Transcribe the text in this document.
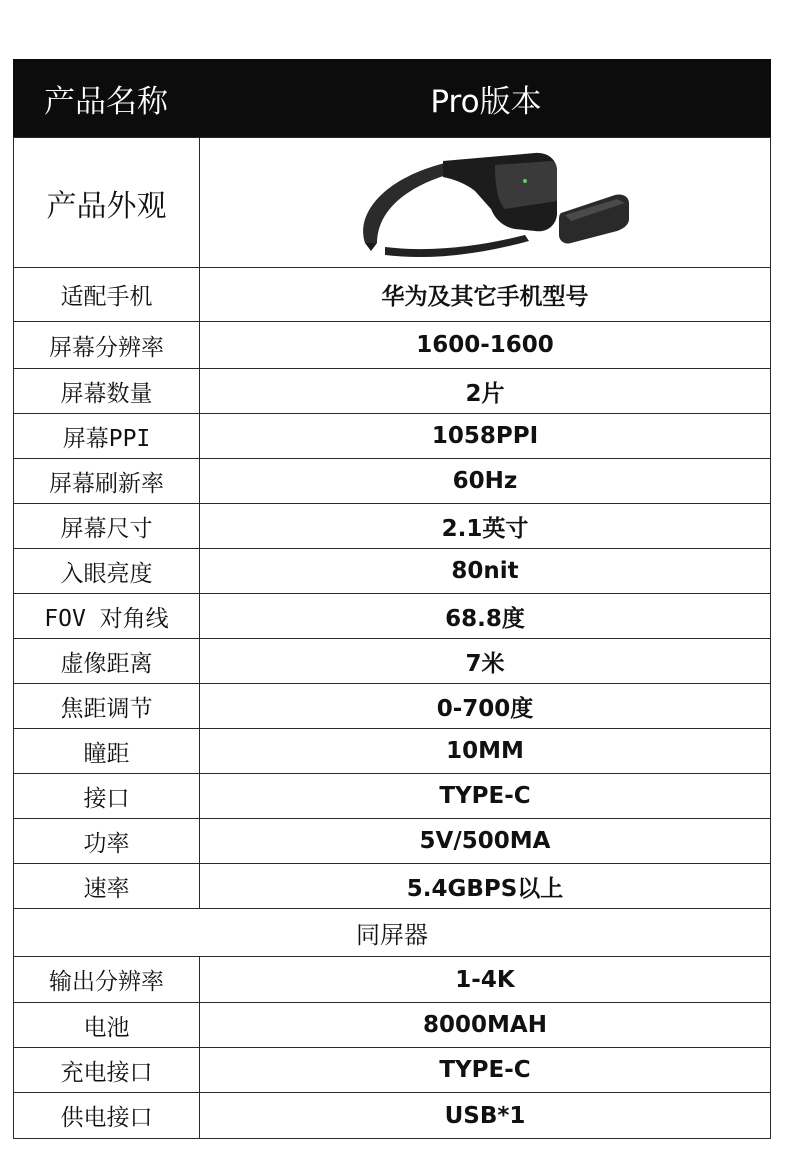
产品名称	Pro版本
产品外观
适配手机	华为及其它手机型号
屏幕分辨率	1600-1600
屏幕数量	2片
屏幕PPI	1058PPI
屏幕刷新率	60Hz
屏幕尺寸	2.1英寸
入眼亮度	80nit
FOV 对角线	68.8度
虚像距离	7米
焦距调节	0-700度
瞳距	10MM
接口	TYPE-C
功率	5V/500MA
速率	5.4GBPS以上
同屏器
输出分辨率	1-4K
电池	8000MAH
充电接口	TYPE-C
供电接口	USB*1
